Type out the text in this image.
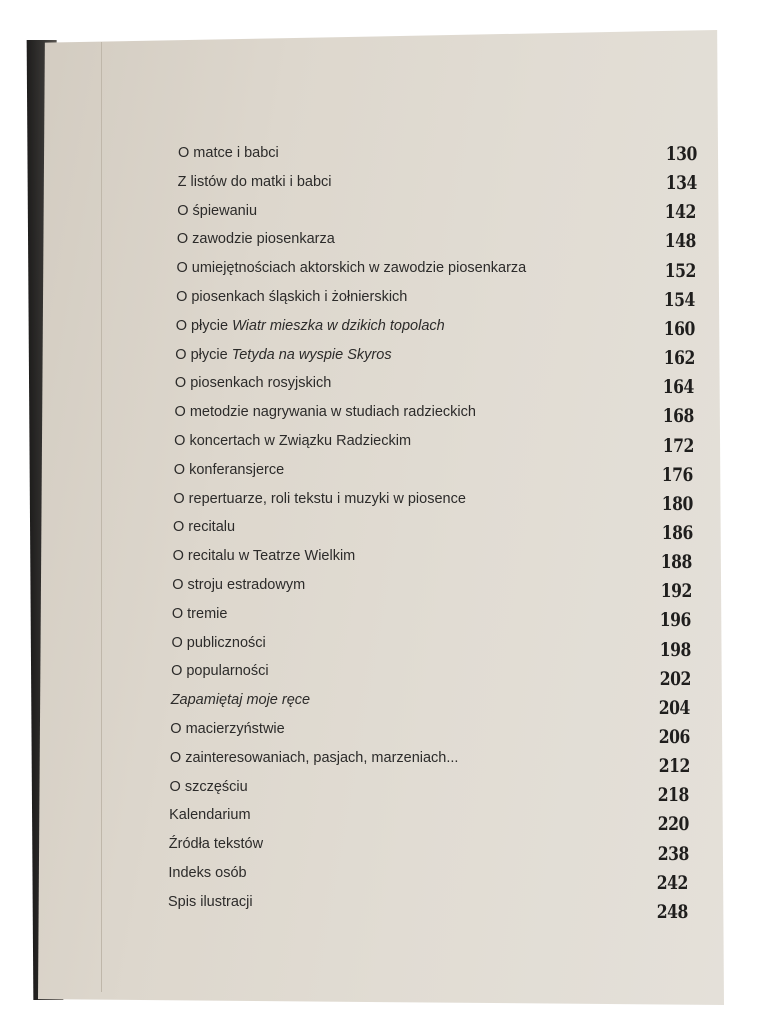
O matce i babci	130
Z listów do matki i babci	134
O śpiewaniu	142
O zawodzie piosenkarza	148
O umiejętnościach aktorskich w zawodzie piosenkarza	152
O piosenkach śląskich i żołnierskich	154
O płycie Wiatr mieszka w dzikich topolach	160
O płycie Tetyda na wyspie Skyros	162
O piosenkach rosyjskich	164
O metodzie nagrywania w studiach radzieckich	168
O koncertach w Związku Radzieckim	172
O konferansjerce	176
O repertuarze, roli tekstu i muzyki w piosence	180
O recitalu	186
O recitalu w Teatrze Wielkim	188
O stroju estradowym	192
O tremie	196
O publiczności	198
O popularności	202
Zapamiętaj moje ręce	204
O macierzyństwie	206
O zainteresowaniach, pasjach, marzeniach...	212
O szczęściu	218
Kalendarium	220
Źródła tekstów	238
Indeks osób	242
Spis ilustracji	248
